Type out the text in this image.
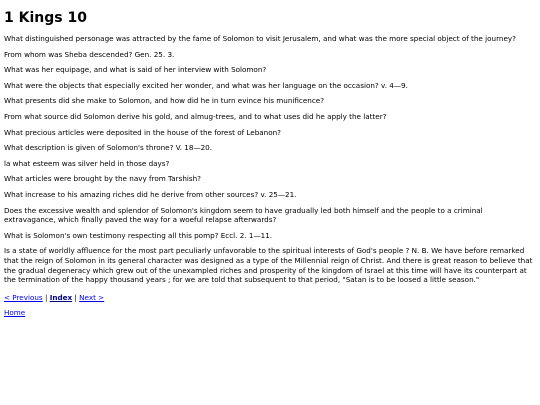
1 Kings 10

What distinguished personage was attracted by the fame of Solomon to visit Jerusalem, and what was the more special object of the journey?

From whom was Sheba descended? Gen. 25. 3.

What was her equipage, and what is said of her interview with Solomon?

What were the objects that especially excited her wonder, and what was her language on the occasion? v. 4—9.

What presents did she make to Solomon, and how did he in turn evince his munificence?

From what source did Solomon derive his gold, and almug-trees, and to what uses did he apply the latter?

What precious articles were deposited in the house of the forest of Lebanon?

What description is given of Solomon's throne? V. 18—20.

la what esteem was silver held in those days?

What articles were brought by the navy from Tarshish?

What increase to his amazing riches did he derive from other sources? v. 25—21.

Does the excessive wealth and splendor of Solomon's kingdom seem to have gradually led both himself and the people to a criminal extravagance, which finally paved the way for a woeful relapse afterwards?

What is Solomon's own testimony respecting all this pomp? Eccl. 2. 1—11.

Is a state of worldly affluence for the most part peculiarly unfavorable to the spiritual interests of God's people ? N. B. We have before remarked that the reign of Solomon in its general character was designed as a type of the Millennial reign of Christ. And there is great reason to believe that the gradual degeneracy which grew out of the unexampled riches and prosperity of the kingdom of Israel at this time will have its counterpart at the termination of the happy thousand years ; for we are told that subsequent to that period, "Satan is to be loosed a little season."

< Previous | Index | Next >
Home
